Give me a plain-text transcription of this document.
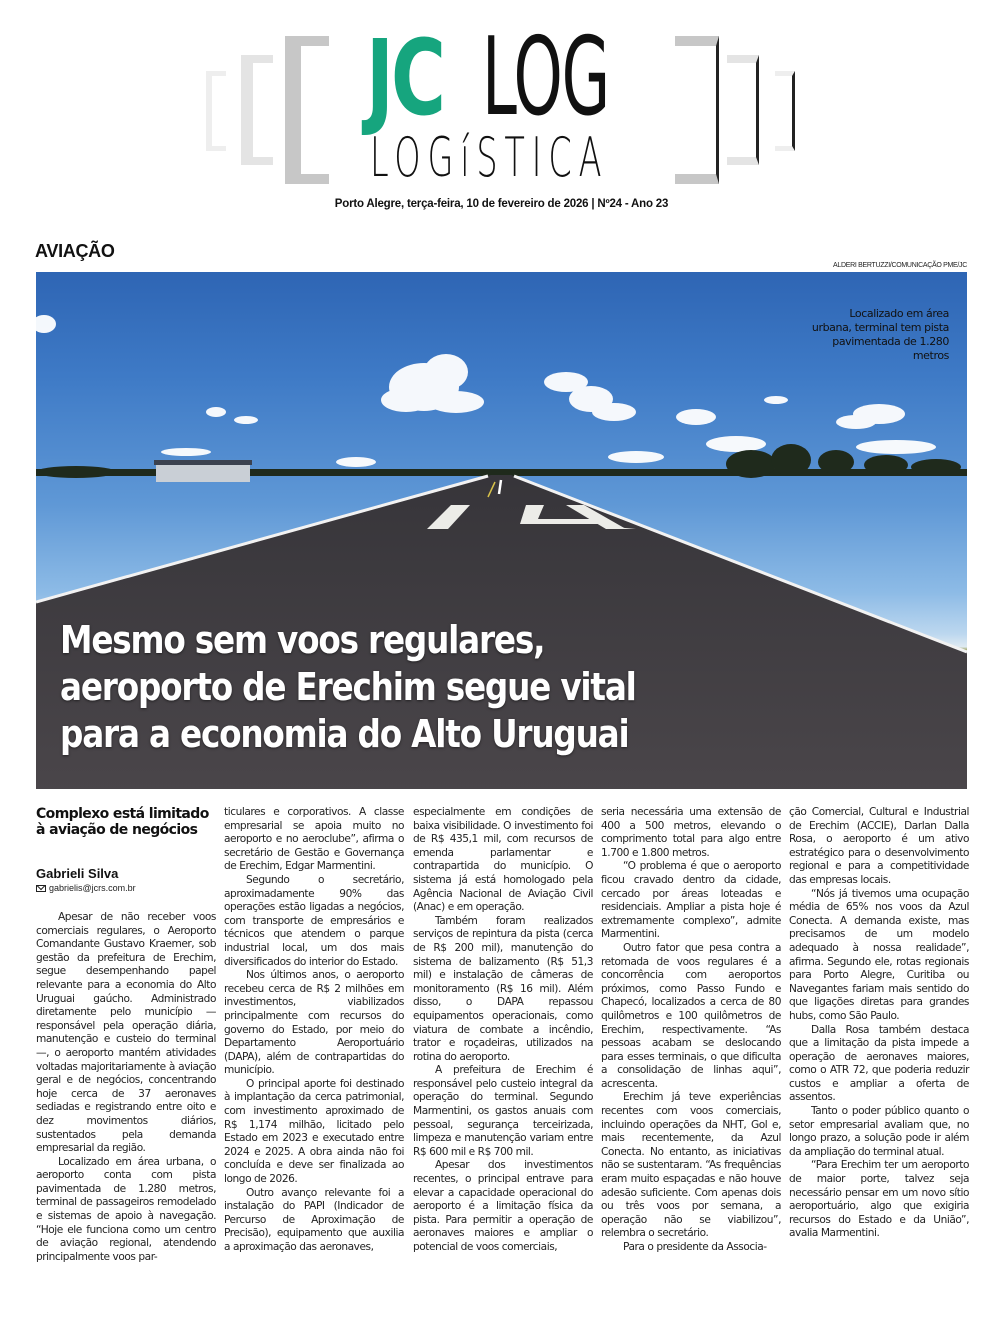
JC LOG
LOGíSTICA
Porto Alegre, terça-feira, 10 de fevereiro de 2026 | Nº24 - Ano 23
AVIAÇÃO
ALDERI BERTUZZI/COMUNICAÇÃO PME/JC
Localizado em área urbana, terminal tem pista pavimentada de 1.280 metros
Mesmo sem voos regulares, aeroporto de Erechim segue vital para a economia do Alto Uruguai
Complexo está limitado à aviação de negócios
Gabrieli Silva
gabrielis@jcrs.com.br

Apesar de não receber voos comerciais regulares, o Aeroporto Comandante Gustavo Kraemer, sob gestão da prefeitura de Erechim, segue desempenhando papel relevante para a economia do Alto Uruguai gaúcho. Administrado diretamente pelo município — responsável pela operação diária, manutenção e custeio do terminal —, o aeroporto mantém atividades voltadas majoritariamente à aviação geral e de negócios, concentrando hoje cerca de 37 aeronaves sediadas e registrando entre oito e dez movimentos diários, sustentados pela demanda empresarial da região.

Localizado em área urbana, o aeroporto conta com pista pavimentada de 1.280 metros, terminal de passageiros remodelado e sistemas de apoio à navegação. “Hoje ele funciona como um centro de aviação regional, atendendo principalmente voos par-

ticulares e corporativos. A classe empresarial se apoia muito no aeroporto e no aeroclube”, afirma o secretário de Gestão e Governança de Erechim, Edgar Marmentini.

Segundo o secretário, aproximadamente 90% das operações estão ligadas a negócios, com transporte de empresários e técnicos que atendem o parque industrial local, um dos mais diversificados do interior do Estado.

Nos últimos anos, o aeroporto recebeu cerca de R$ 2 milhões em investimentos, viabilizados principalmente com recursos do governo do Estado, por meio do Departamento Aeroportuário (DAPA), além de contrapartidas do município.

O principal aporte foi destinado à implantação da cerca patrimonial, com investimento aproximado de R$ 1,174 milhão, licitado pelo Estado em 2023 e executado entre 2024 e 2025. A obra ainda não foi concluída e deve ser finalizada ao longo de 2026.

Outro avanço relevante foi a instalação do PAPI (Indicador de Percurso de Aproximação de Precisão), equipamento que auxilia a aproximação das aeronaves,

especialmente em condições de baixa visibilidade. O investimento foi de R$ 435,1 mil, com recursos de emenda parlamentar e contrapartida do município. O sistema já está homologado pela Agência Nacional de Aviação Civil (Anac) e em operação.

Também foram realizados serviços de repintura da pista (cerca de R$ 200 mil), manutenção do sistema de balizamento (R$ 51,3 mil) e instalação de câmeras de monitoramento (R$ 16 mil). Além disso, o DAPA repassou equipamentos operacionais, como viatura de combate a incêndio, trator e roçadeiras, utilizados na rotina do aeroporto.

A prefeitura de Erechim é responsável pelo custeio integral da operação do terminal. Segundo Marmentini, os gastos anuais com pessoal, segurança terceirizada, limpeza e manutenção variam entre R$ 600 mil e R$ 700 mil.

Apesar dos investimentos recentes, o principal entrave para elevar a capacidade operacional do aeroporto é a limitação física da pista. Para permitir a operação de aeronaves maiores e ampliar o potencial de voos comerciais,

seria necessária uma extensão de 400 a 500 metros, elevando o comprimento total para algo entre 1.700 e 1.800 metros.

“O problema é que o aeroporto ficou cravado dentro da cidade, cercado por áreas loteadas e residenciais. Ampliar a pista hoje é extremamente complexo”, admite Marmentini.

Outro fator que pesa contra a retomada de voos regulares é a concorrência com aeroportos próximos, como Passo Fundo e Chapecó, localizados a cerca de 80 quilômetros e 100 quilômetros de Erechim, respectivamente. “As pessoas acabam se deslocando para esses terminais, o que dificulta a consolidação de linhas aqui”, acrescenta.

Erechim já teve experiências recentes com voos comerciais, incluindo operações da NHT, Gol e, mais recentemente, da Azul Conecta. No entanto, as iniciativas não se sustentaram. “As frequências eram muito espaçadas e não houve adesão suficiente. Com apenas dois ou três voos por semana, a operação não se viabilizou”, relembra o secretário.

Para o presidente da Associa-

ção Comercial, Cultural e Industrial de Erechim (ACCIE), Darlan Dalla Rosa, o aeroporto é um ativo estratégico para o desenvolvimento regional e para a competitividade das empresas locais.

“Nós já tivemos uma ocupação média de 65% nos voos da Azul Conecta. A demanda existe, mas precisamos de um modelo adequado à nossa realidade”, afirma. Segundo ele, rotas regionais para Porto Alegre, Curitiba ou Navegantes fariam mais sentido do que ligações diretas para grandes hubs, como São Paulo.

Dalla Rosa também destaca que a limitação da pista impede a operação de aeronaves maiores, como o ATR 72, que poderia reduzir custos e ampliar a oferta de assentos.

Tanto o poder público quanto o setor empresarial avaliam que, no longo prazo, a solução pode ir além da ampliação do terminal atual.

“Para Erechim ter um aeroporto de maior porte, talvez seja necessário pensar em um novo sítio aeroportuário, algo que exigiria recursos do Estado e da União”, avalia Marmentini.
